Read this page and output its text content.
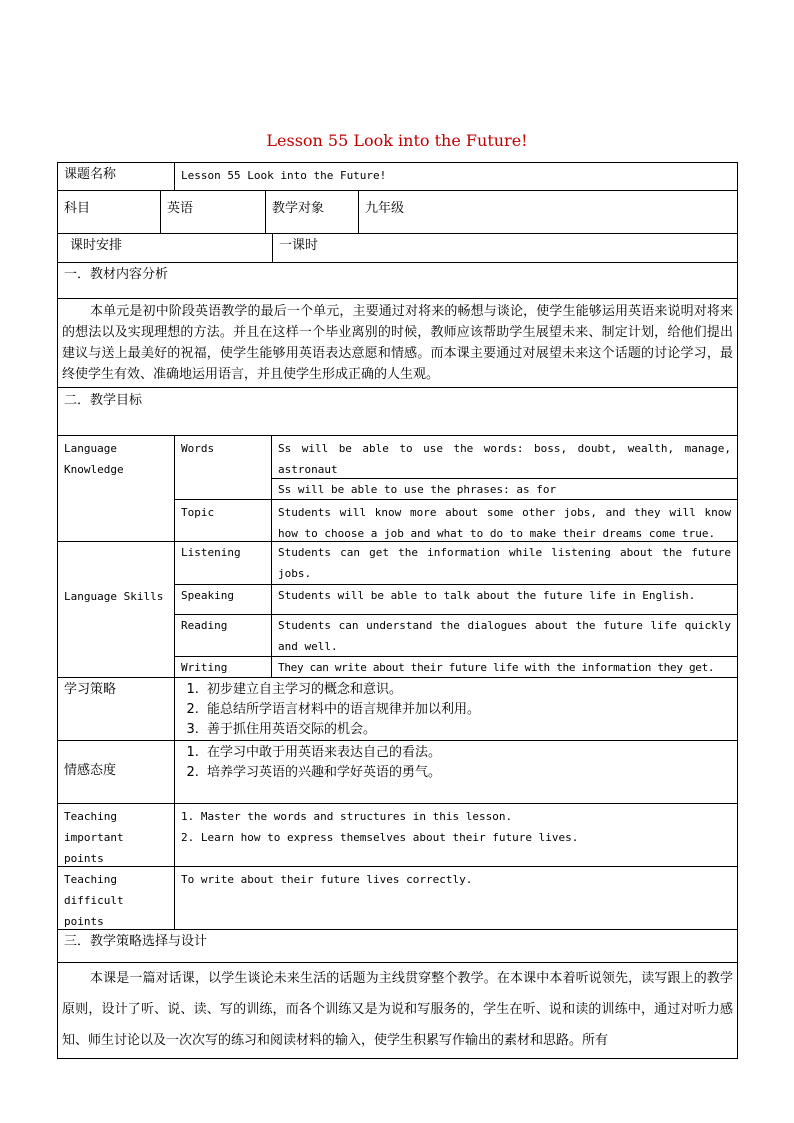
Lesson 55 Look into the Future!
课题名称	Lesson 55 Look into the Future!
科目	英语	教学对象	九年级
课时安排	一课时
一．教材内容分析
本单元是初中阶段英语教学的最后一个单元，主要通过对将来的畅想与谈论，使学生能够运用英语来说明对将来的想法以及实现理想的方法。并且在这样一个毕业离别的时候，教师应该帮助学生展望未来、制定计划，给他们提出建议与送上最美好的祝福，使学生能够用英语表达意愿和情感。而本课主要通过对展望未来这个话题的讨论学习，最终使学生有效、准确地运用语言，并且使学生形成正确的人生观。
二．教学目标
Language Knowledge
Words	Ss will be able to use the words: boss, doubt, wealth, manage, astronaut
Ss will be able to use the phrases: as for
Topic	Students will know more about some other jobs, and they will know how to choose a job and what to do to make their dreams come true.
Language Skills
Listening	Students can get the information while listening about the future jobs.
Speaking	Students will be able to talk about the future life in English.
Reading	Students can understand the dialogues about the future life quickly and well.
Writing	They can write about their future life with the information they get.
学习策略
1.	初步建立自主学习的概念和意识。
2. 能总结所学语言材料中的语言规律并加以利用。
3. 善于抓住用英语交际的机会。
情感态度
1. 在学习中敢于用英语来表达自己的看法。
2. 培养学习英语的兴趣和学好英语的勇气。
Teaching important points
1. Master the words and structures in this lesson.
2. Learn how to express themselves about their future lives.
Teaching difficult points
To write about their future lives correctly.
三．教学策略选择与设计
本课是一篇对话课，以学生谈论未来生活的话题为主线贯穿整个教学。在本课中本着听说领先，读写跟上的教学原则，设计了听、说、读、写的训练，而各个训练又是为说和写服务的，学生在听、说和读的训练中，通过对听力感知、师生讨论以及一次次写的练习和阅读材料的输入，使学生积累写作输出的素材和思路。所有
